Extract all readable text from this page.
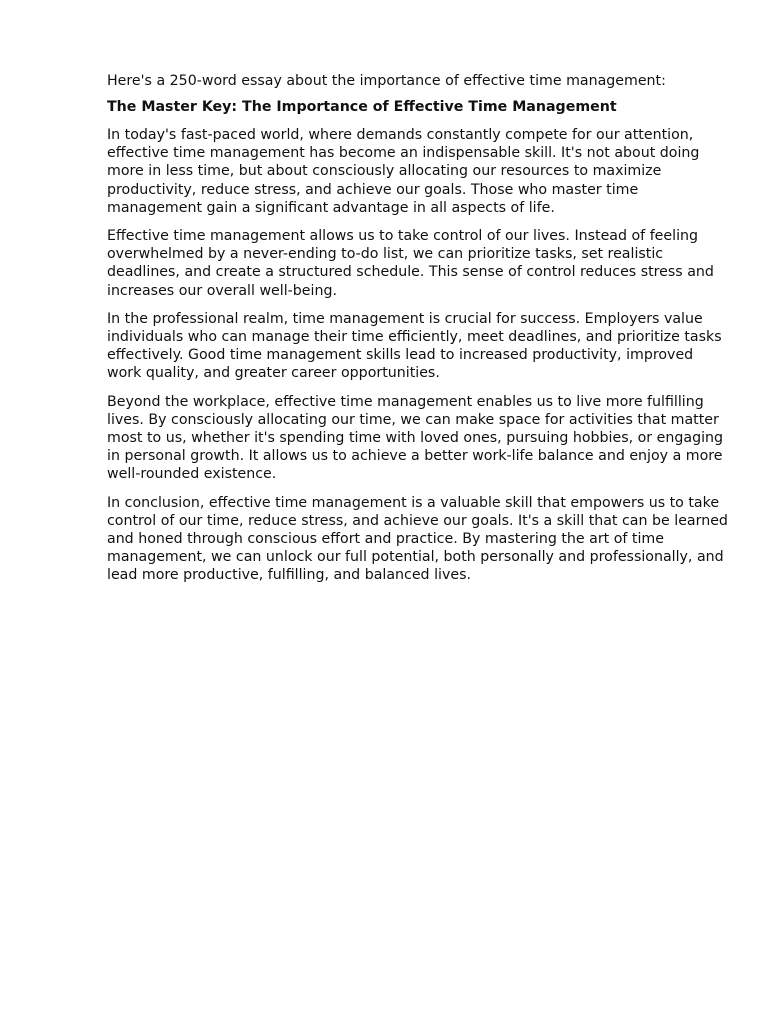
Here's a 250-word essay about the importance of effective time management:

The Master Key: The Importance of Effective Time Management

In today's fast-paced world, where demands constantly compete for our attention,
effective time management has become an indispensable skill. It's not about doing
more in less time, but about consciously allocating our resources to maximize
productivity, reduce stress, and achieve our goals. Those who master time
management gain a significant advantage in all aspects of life.

Effective time management allows us to take control of our lives. Instead of feeling
overwhelmed by a never-ending to-do list, we can prioritize tasks, set realistic
deadlines, and create a structured schedule. This sense of control reduces stress and
increases our overall well-being.

In the professional realm, time management is crucial for success. Employers value
individuals who can manage their time efficiently, meet deadlines, and prioritize tasks
effectively. Good time management skills lead to increased productivity, improved
work quality, and greater career opportunities.

Beyond the workplace, effective time management enables us to live more fulfilling
lives. By consciously allocating our time, we can make space for activities that matter
most to us, whether it's spending time with loved ones, pursuing hobbies, or engaging
in personal growth. It allows us to achieve a better work-life balance and enjoy a more
well-rounded existence.

In conclusion, effective time management is a valuable skill that empowers us to take
control of our time, reduce stress, and achieve our goals. It's a skill that can be learned
and honed through conscious effort and practice. By mastering the art of time
management, we can unlock our full potential, both personally and professionally, and
lead more productive, fulfilling, and balanced lives.
